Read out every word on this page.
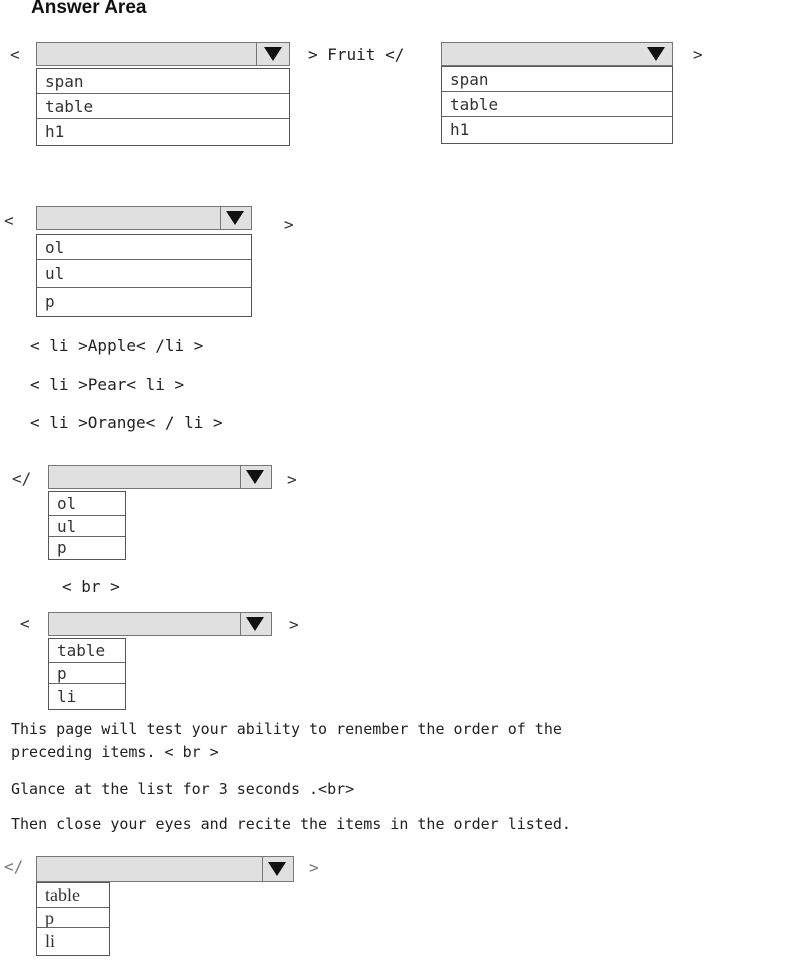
Answer Area
<
span
table
h1
> Fruit </
span
table
h1
>
<
ol
ul
p
>
< li >Apple< /li >
< li >Pear< li >
< li >Orange< / li >
</
ol
ul
p
>
< br >
<
table
p
li
>
This page will test your ability to renember the order of the
preceding items. < br >
Glance at the list for 3 seconds .<br>
Then close your eyes and recite the items in the order listed.
</
table
p
li
>
